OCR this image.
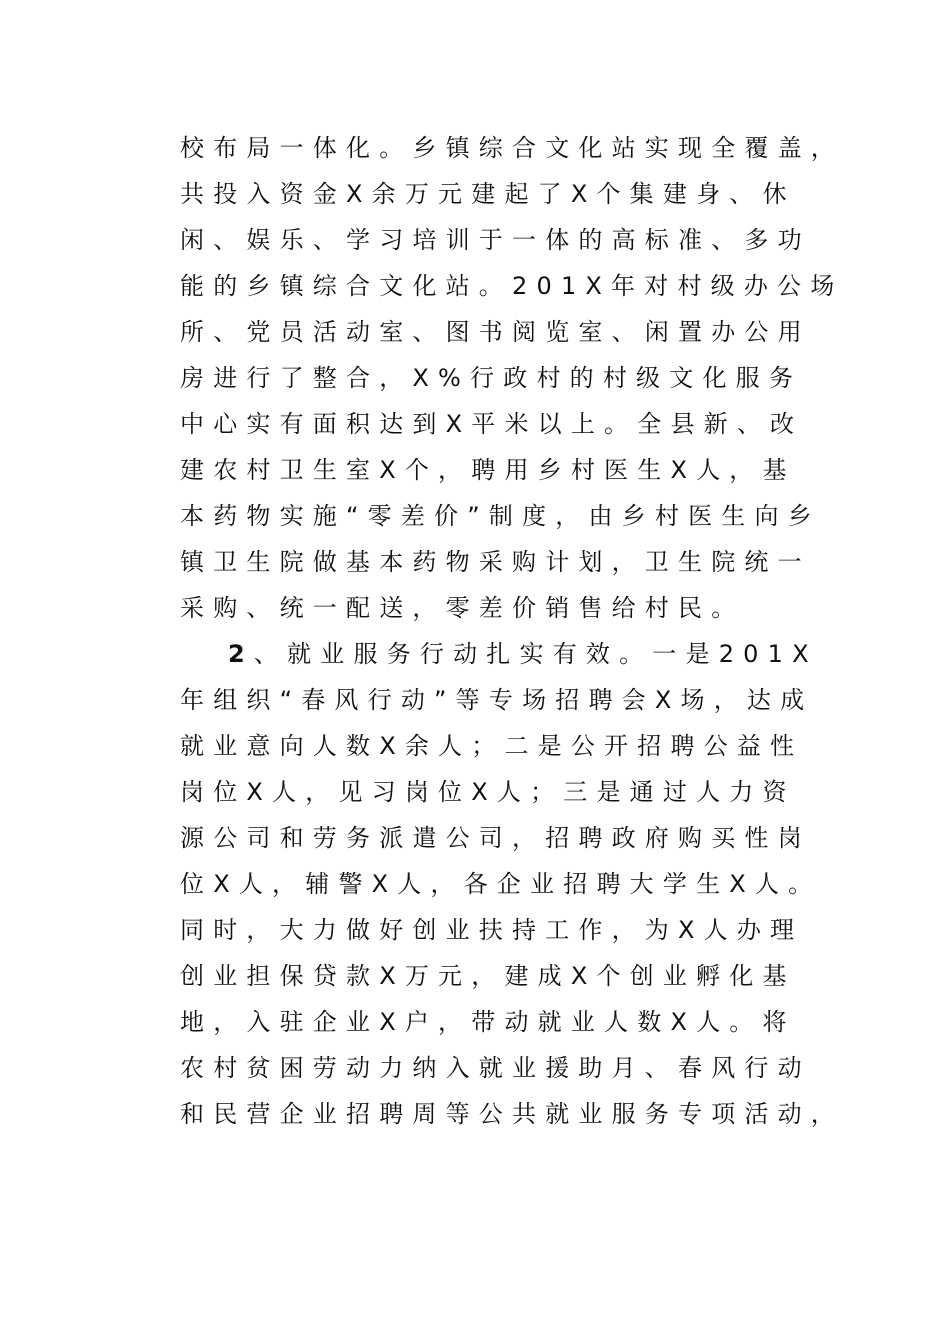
校布局一体化。乡镇综合文化站实现全覆盖，
共投入资金X余万元建起了X个集建身、休
闲、娱乐、学习培训于一体的高标准、多功
能的乡镇综合文化站。201X年对村级办公场
所、党员活动室、图书阅览室、闲置办公用
房进行了整合，X%行政村的村级文化服务
中心实有面积达到X平米以上。全县新、改
建农村卫生室X个，聘用乡村医生X人，基
本药物实施“零差价”制度，由乡村医生向乡
镇卫生院做基本药物采购计划，卫生院统一
采购、统一配送，零差价销售给村民。
2、就业服务行动扎实有效。一是201X
年组织“春风行动”等专场招聘会X场，达成
就业意向人数X余人；二是公开招聘公益性
岗位X人，见习岗位X人；三是通过人力资
源公司和劳务派遣公司，招聘政府购买性岗
位X人，辅警X人，各企业招聘大学生X人。
同时，大力做好创业扶持工作，为X人办理
创业担保贷款X万元，建成X个创业孵化基
地，入驻企业X户，带动就业人数X人。将
农村贫困劳动力纳入就业援助月、春风行动
和民营企业招聘周等公共就业服务专项活动，
